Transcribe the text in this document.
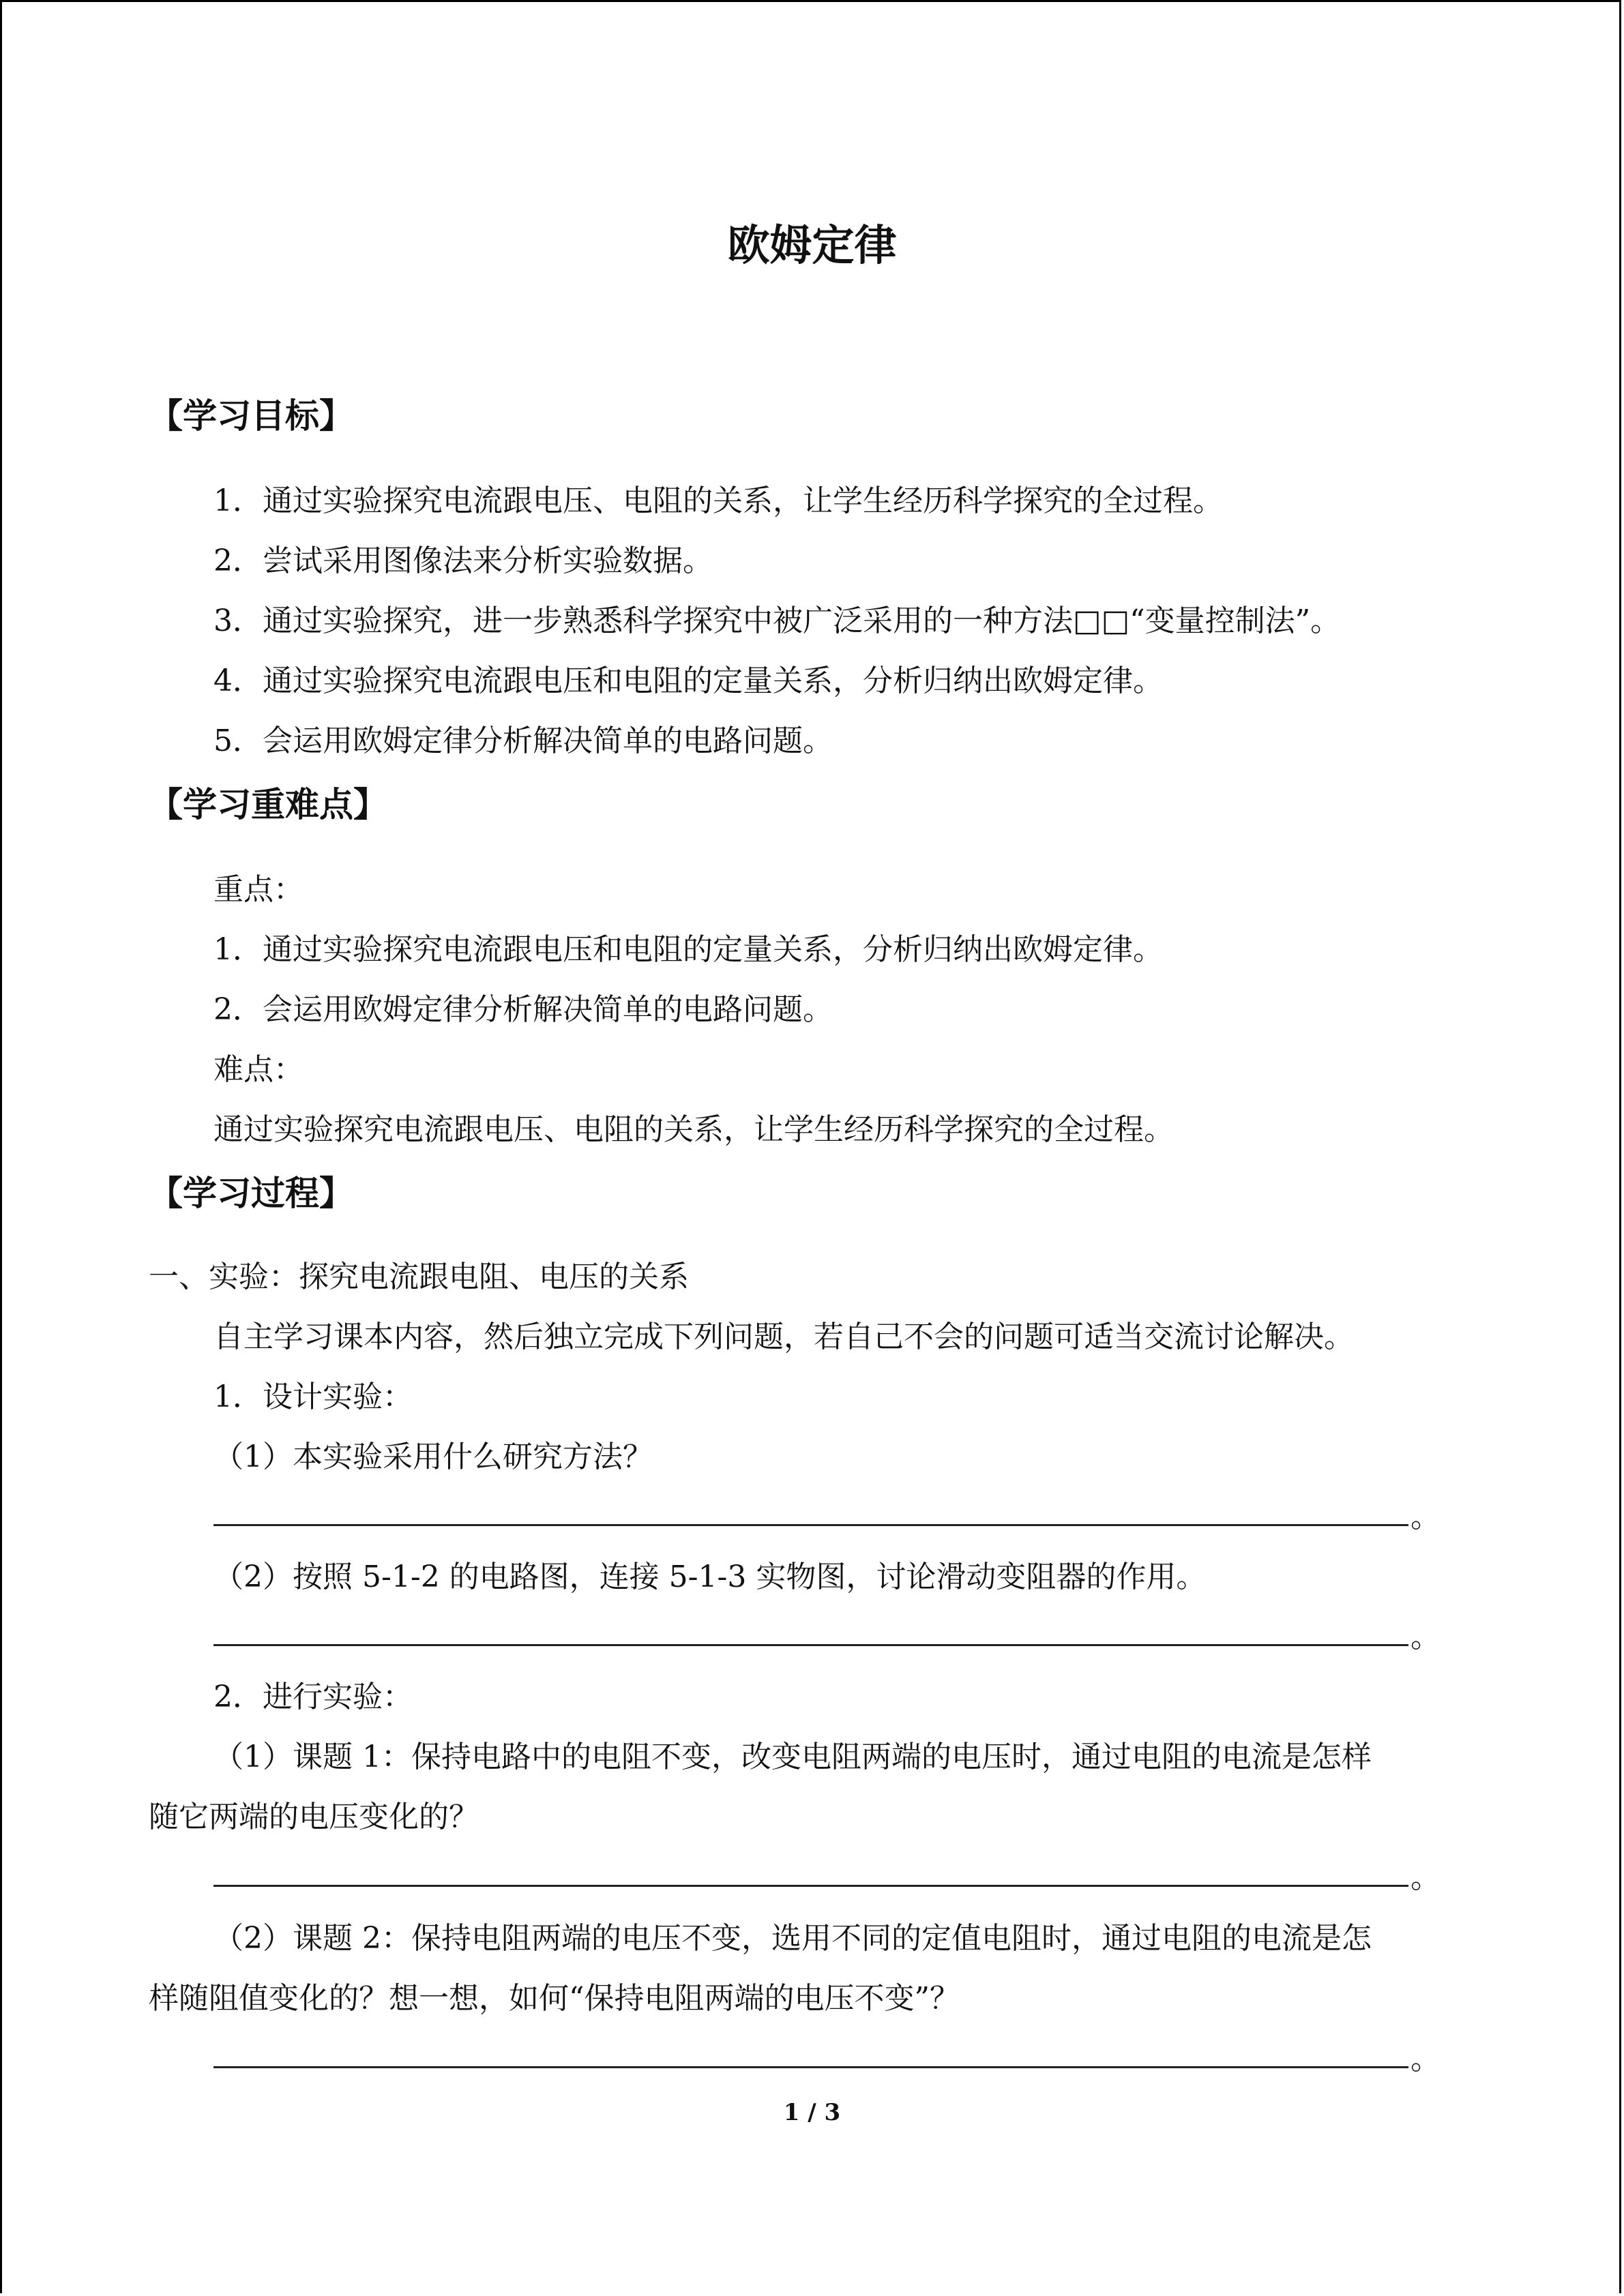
欧姆定律
【学习目标】
1．通过实验探究电流跟电压、电阻的关系，让学生经历科学探究的全过程。
2．尝试采用图像法来分析实验数据。
3．通过实验探究，进一步熟悉科学探究中被广泛采用的一种方法□□“变量控制法”。
4．通过实验探究电流跟电压和电阻的定量关系，分析归纳出欧姆定律。
5．会运用欧姆定律分析解决简单的电路问题。
【学习重难点】
重点：
1．通过实验探究电流跟电压和电阻的定量关系，分析归纳出欧姆定律。
2．会运用欧姆定律分析解决简单的电路问题。
难点：
通过实验探究电流跟电压、电阻的关系，让学生经历科学探究的全过程。
【学习过程】
一、实验：探究电流跟电阻、电压的关系
自主学习课本内容，然后独立完成下列问题，若自己不会的问题可适当交流讨论解决。
1．设计实验：
（1）本实验采用什么研究方法？
。
（2）按照 5-1-2 的电路图，连接 5-1-3 实物图，讨论滑动变阻器的作用。
。
2．进行实验：
（1）课题 1：保持电路中的电阻不变，改变电阻两端的电压时，通过电阻的电流是怎样
随它两端的电压变化的？
。
（2）课题 2：保持电阻两端的电压不变，选用不同的定值电阻时，通过电阻的电流是怎
样随阻值变化的？想一想，如何“保持电阻两端的电压不变”？
。
1 / 3
